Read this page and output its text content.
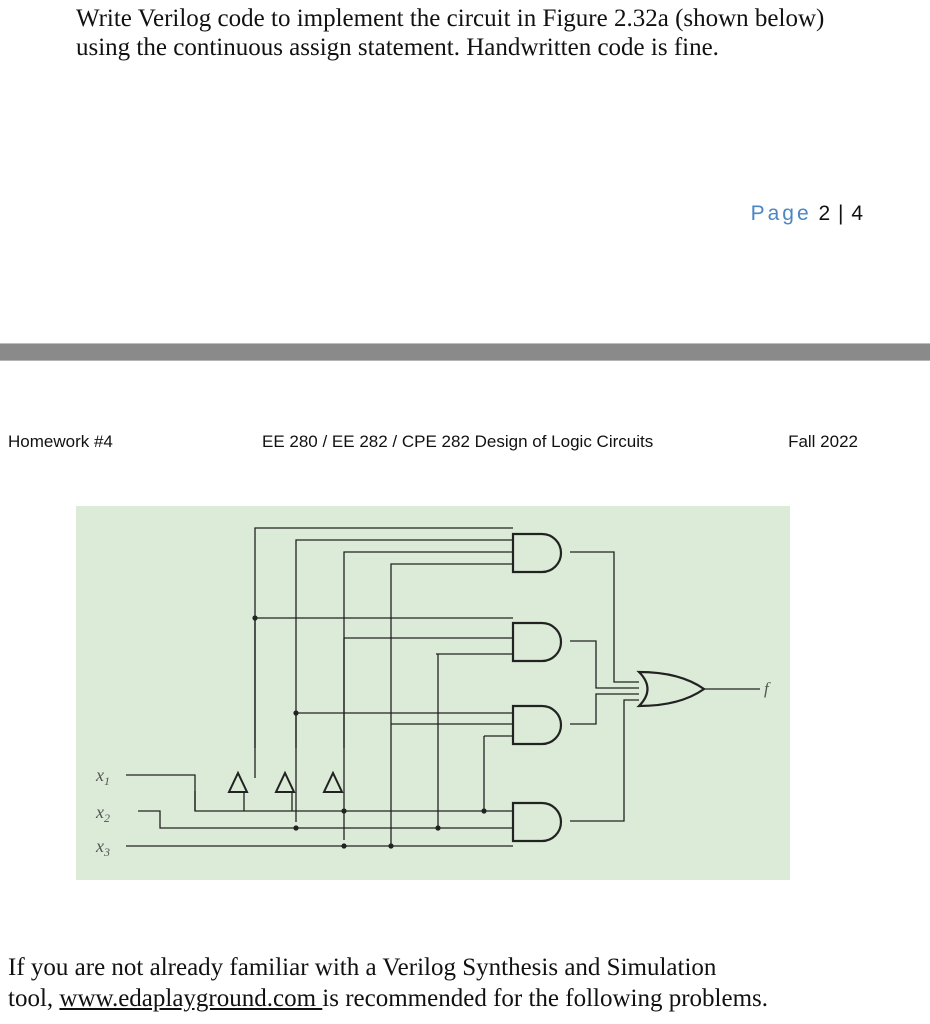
Write Verilog code to implement the circuit in Figure 2.32a (shown below)
using the continuous assign statement. Handwritten code is fine.
Page 2 | 4
Homework #4	EE 280 / EE 282 / CPE 282 Design of Logic Circuits	Fall 2022
$x_1$
$x_2$
$x_3$
f
If you are not already familiar with a Verilog Synthesis and Simulation
tool, www.edaplayground.com is recommended for the following problems.
